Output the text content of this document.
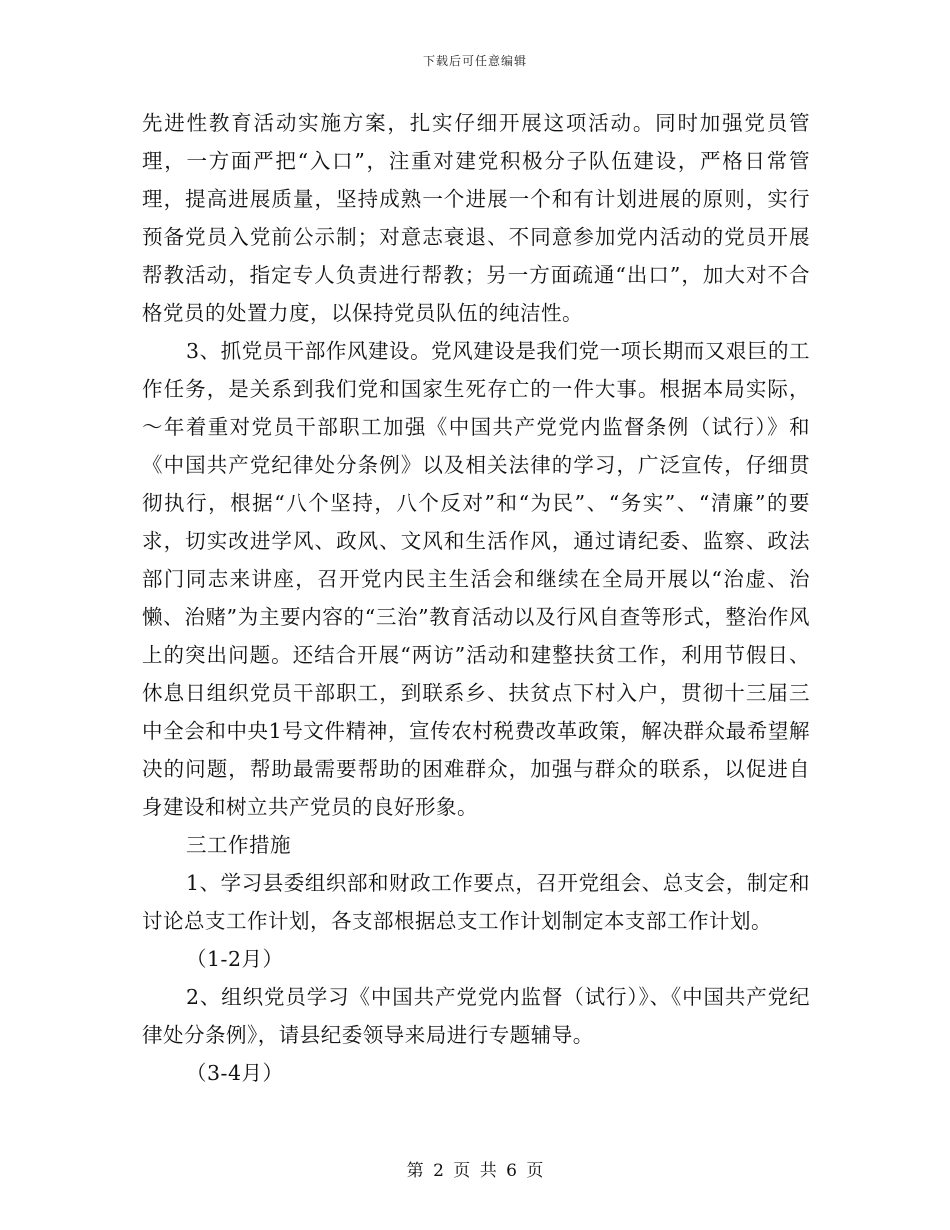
下载后可任意编辑

先进性教育活动实施方案，扎实仔细开展这项活动。同时加强党员管理，一方面严把“入口”，注重对建党积极分子队伍建设，严格日常管理，提高进展质量，坚持成熟一个进展一个和有计划进展的原则，实行预备党员入党前公示制；对意志衰退、不同意参加党内活动的党员开展帮教活动，指定专人负责进行帮教；另一方面疏通“出口”，加大对不合格党员的处置力度，以保持党员队伍的纯洁性。

3、抓党员干部作风建设。党风建设是我们党一项长期而又艰巨的工作任务，是关系到我们党和国家生死存亡的一件大事。根据本局实际，～年着重对党员干部职工加强《中国共产党党内监督条例（试行）》和《中国共产党纪律处分条例》以及相关法律的学习，广泛宣传，仔细贯彻执行，根据“八个坚持，八个反对”和“为民”、“务实”、“清廉”的要求，切实改进学风、政风、文风和生活作风，通过请纪委、监察、政法部门同志来讲座，召开党内民主生活会和继续在全局开展以“治虚、治懒、治赌”为主要内容的“三治”教育活动以及行风自查等形式，整治作风上的突出问题。还结合开展“两访”活动和建整扶贫工作，利用节假日、休息日组织党员干部职工，到联系乡、扶贫点下村入户，贯彻十三届三中全会和中央1号文件精神，宣传农村税费改革政策，解决群众最希望解决的问题，帮助最需要帮助的困难群众，加强与群众的联系，以促进自身建设和树立共产党员的良好形象。

三工作措施

1、学习县委组织部和财政工作要点，召开党组会、总支会，制定和讨论总支工作计划，各支部根据总支工作计划制定本支部工作计划。

（1-2月）

2、组织党员学习《中国共产党党内监督（试行）》、《中国共产党纪律处分条例》，请县纪委领导来局进行专题辅导。

（3-4月）

第 2 页 共 6 页
